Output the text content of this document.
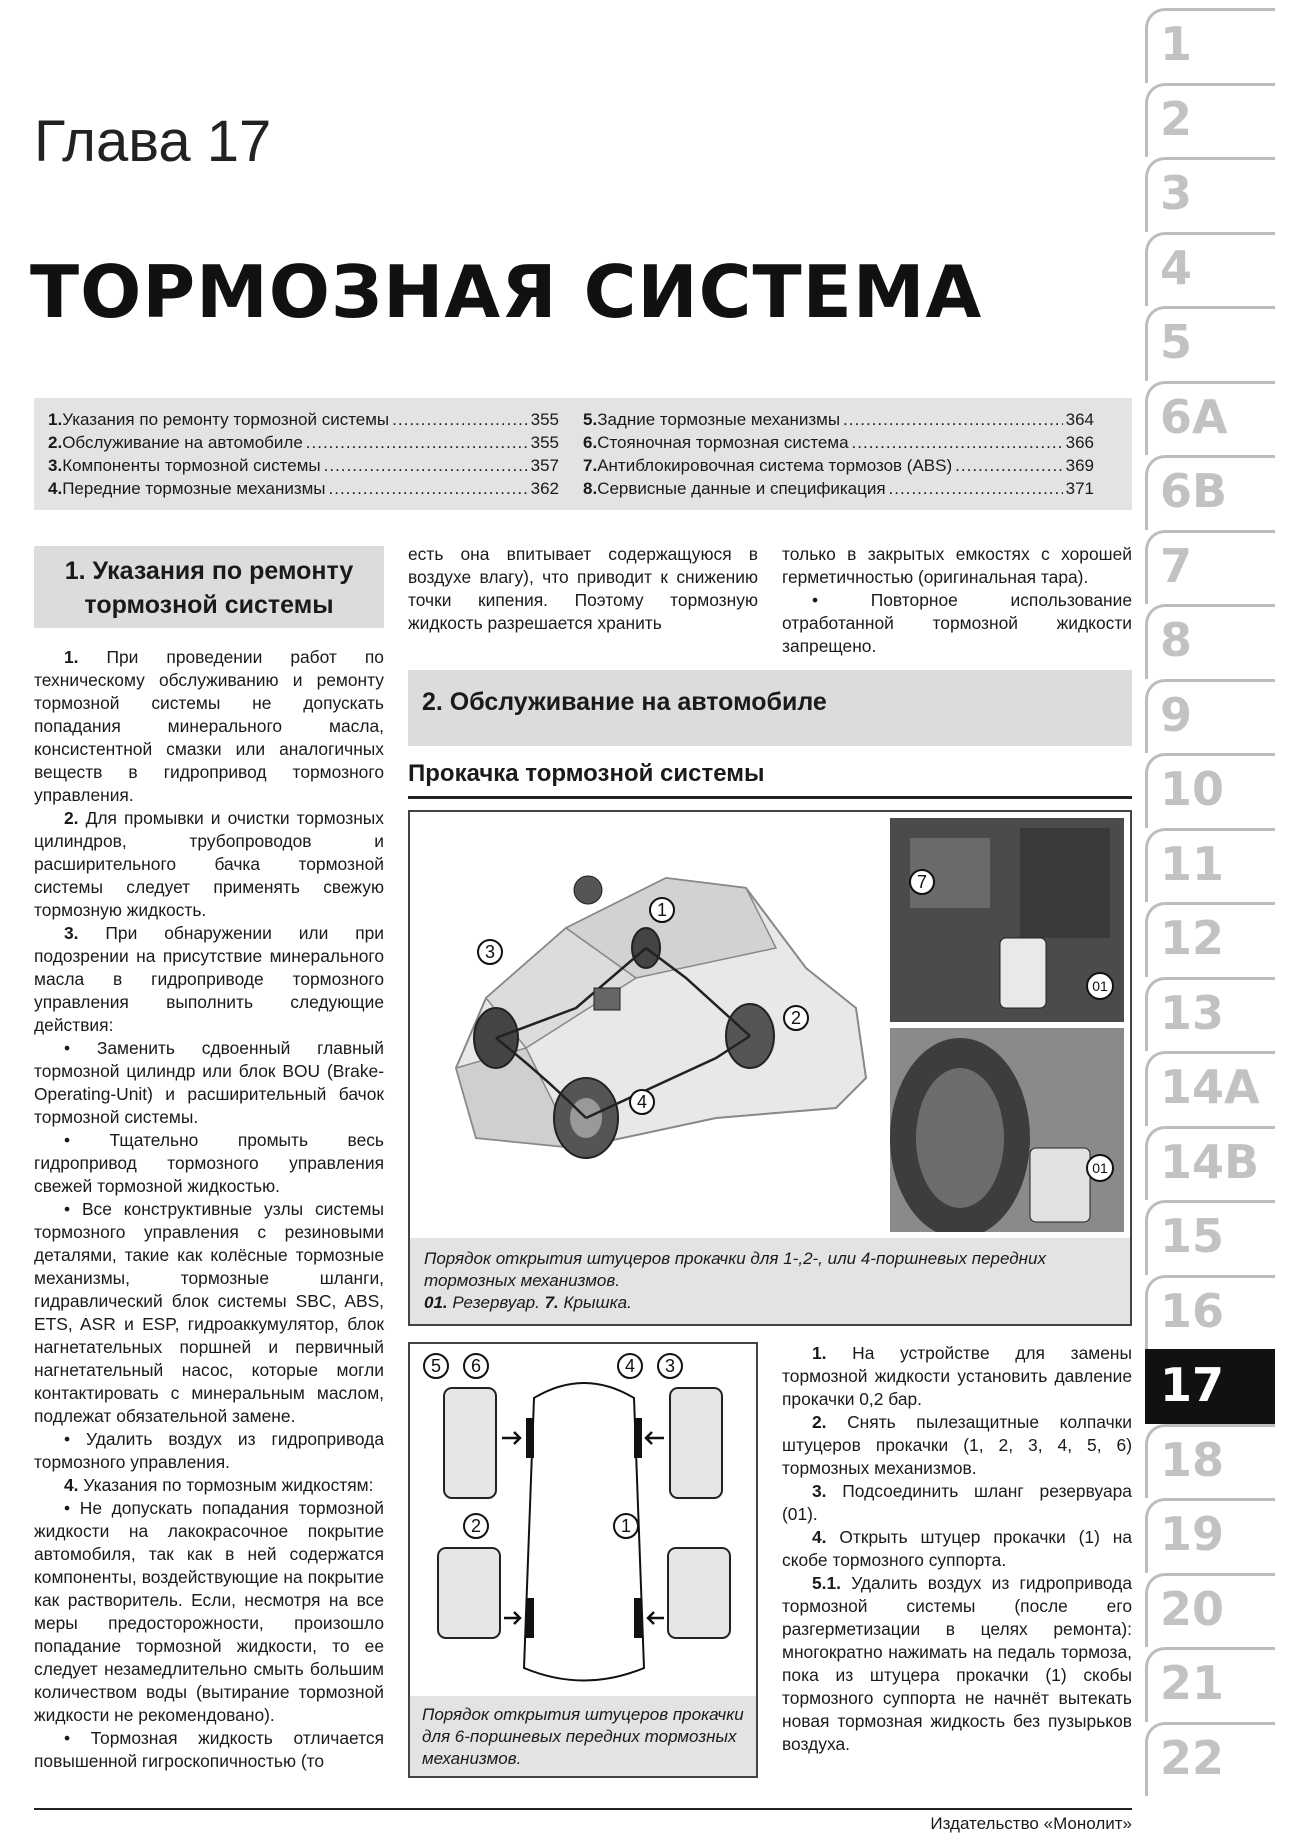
Глава 17
ТОРМОЗНАЯ СИСТЕМА
1. Указания по ремонту тормозной системы .....	355
2. Обслуживание на автомобиле .....	355
3. Компоненты тормозной системы .....	357
4. Передние тормозные механизмы .....	362
5. Задние тормозные механизмы .....	364
6. Стояночная тормозная система .....	366
7. Антиблокировочная система тормозов (ABS) .....	369
8. Сервисные данные и спецификация .....	371
1. Указания по ремонту
тормозной системы

1. При проведении работ по техническому обслуживанию и ремонту тормозной системы не допускать попадания минерального масла, консистентной смазки или аналогичных веществ в гидропривод тормозного управления.

2. Для промывки и очистки тормозных цилиндров, трубопроводов и расширительного бачка тормозной системы следует применять свежую тормозную жидкость.

3. При обнаружении или при подозрении на присутствие минерального масла в гидроприводе тормозного управления выполнить следующие действия:

• Заменить сдвоенный главный тормозной цилиндр или блок BOU (Brake-Operating-Unit) и расширительный бачок тормозной системы.

• Тщательно промыть весь гидропривод тормозного управления свежей тормозной жидкостью.

• Все конструктивные узлы системы тормозного управления с резиновыми деталями, такие как колёсные тормозные механизмы, тормозные шланги, гидравлический блок системы SBC, ABS, ETS, ASR и ESP, гидроаккумулятор, блок нагнетательных поршней и первичный нагнетательный насос, которые могли контактировать с минеральным маслом, подлежат обязательной замене.

• Удалить воздух из гидропривода тормозного управления.

4. Указания по тормозным жидкостям:

• Не допускать попадания тормозной жидкости на лакокрасочное покрытие автомобиля, так как в ней содержатся компоненты, воздействующие на покрытие как растворитель. Если, несмотря на все меры предосторожности, произошло попадание тормозной жидкости, то ее следует незамедлительно смыть большим количеством воды (вытирание тормозной жидкости не рекомендовано).

• Тормозная жидкость отличается повышенной гигроскопичностью (то

есть она впитывает содержащуюся в воздухе влагу), что приводит к снижению точки кипения. Поэтому тормозную жидкость разрешается хранить

только в закрытых емкостях с хорошей герметичностью (оригинальная тара).

• Повторное использование отработанной тормозной жидкости запрещено.

2. Обслуживание на автомобиле
Прокачка тормозной системы
1
2
3
4
7
01
01
Порядок открытия штуцеров прокачки для 1-,2-, или 4-поршневых передних тормозных механизмов.
01. Резервуар. 7. Крышка.
5 6	4 3
2	1
Порядок открытия штуцеров прокачки для 6-поршневых передних тормозных механизмов.

1. На устройстве для замены тормозной жидкости установить давление прокачки 0,2 бар.

2. Снять пылезащитные колпачки штуцеров прокачки (1, 2, 3, 4, 5, 6) тормозных механизмов.

3. Подсоединить шланг резервуара (01).

4. Открыть штуцер прокачки (1) на скобе тормозного суппорта.

5.1. Удалить воздух из гидропривода тормозной системы (после его разгерметизации в целях ремонта): многократно нажимать на педаль тормоза, пока из штуцера прокачки (1) скобы тормозного суппорта не начнёт вытекать новая тормозная жидкость без пузырьков воздуха.

Издательство «Монолит»
1
2
3
4
5
6A
6B
7
8
9
10
11
12
13
14A
14B
15
16
17
18
19
20
21
22
